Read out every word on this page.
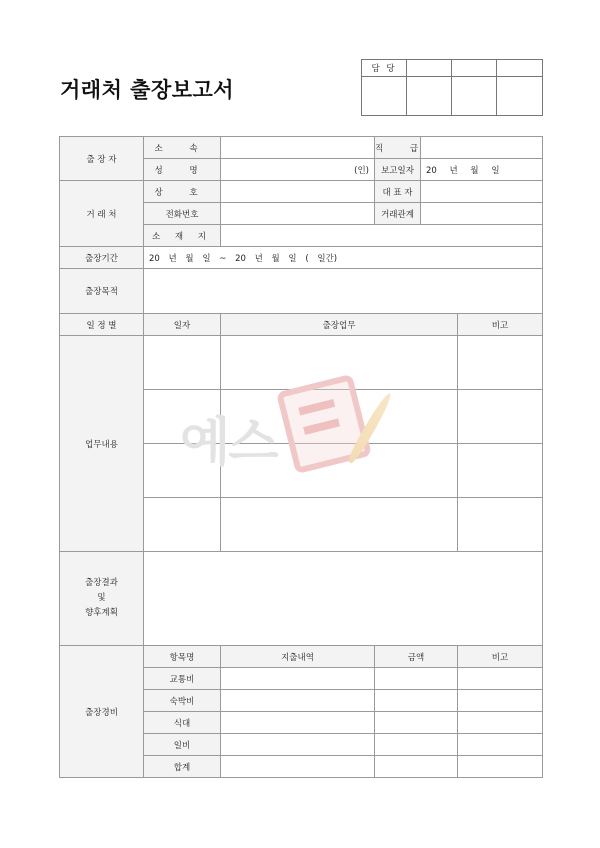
거래처 출장보고서
담 당			

출 장 자	소 속		직 급		
	성 명	(인)	보고일자	20 년 월 일	
거 래 처	상 호		대 표 자		
	전화번호		거래관계		
	소 재 지				
출장기간	20 년 월 일 ~ 20 년 월 일 ( 일간)				
출장목적					
일 정 별	일자	출장업무			비고
업무내용					

출장결과
및
향후계획					
출장경비	항목명	지출내역	금액		비고
	교통비				
	숙박비				
	식대				
	일비				
	합계				
예스
